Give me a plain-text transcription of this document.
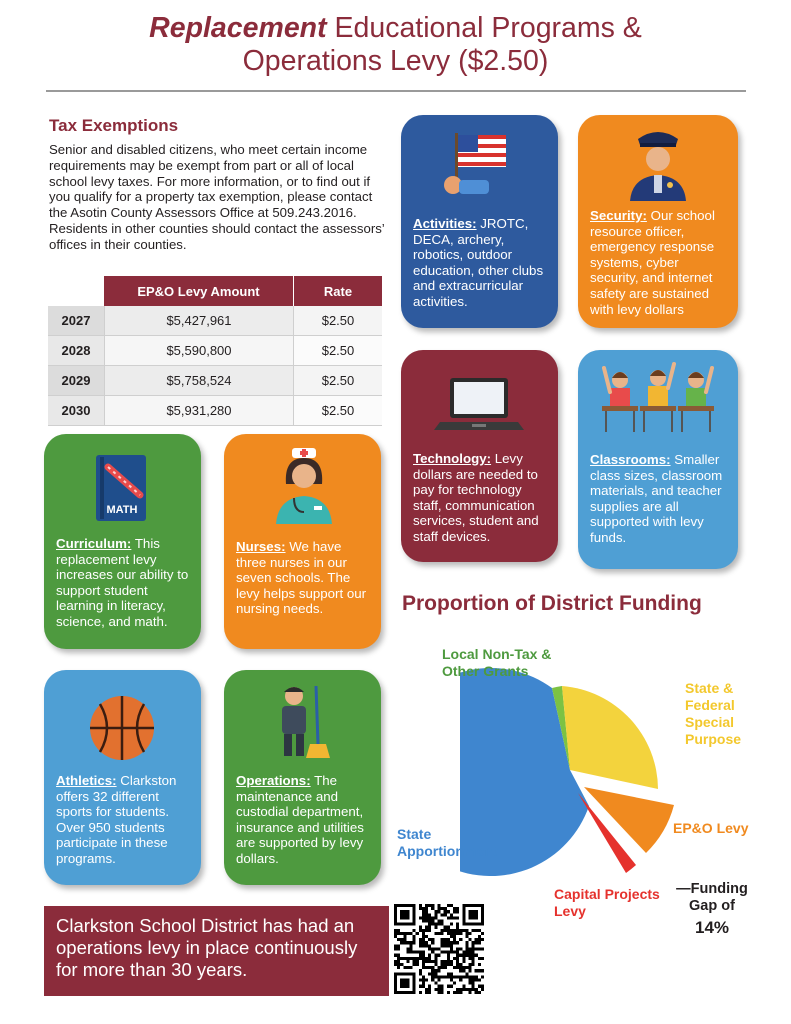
Replacement Educational Programs &
Operations Levy ($2.50)
Tax Exemptions
Senior and disabled citizens, who meet certain income requirements may be exempt from part or all of local school levy taxes. For more information, or to find out if you qualify for a property tax exemption, please contact the Asotin County Assessors Office at 509.243.2016. Residents in other counties should contact the assessors’ offices in their counties.
	EP&O Levy Amount	Rate
2027	$5,427,961	$2.50
2028	$5,590,800	$2.50
2029	$5,758,524	$2.50
2030	$5,931,280	$2.50
Activities: JROTC, DECA, archery, robotics, outdoor education, other clubs and extracurricular activities.
Security: Our school resource officer, emergency response systems, cyber security, and internet safety are sustained with levy dollars
Technology: Levy dollars are needed to pay for technology staff, communication services, student and staff devices.
Classrooms: Smaller class sizes, classroom materials, and teacher supplies are all supported with levy funds.
MATH
Curriculum: This replacement levy increases our ability to support student learning in literacy, science, and math.
Nurses: We have three nurses in our seven schools. The levy helps support our nursing needs.
Athletics: Clarkston offers 32 different sports for students. Over 950 students participate in these programs.
Operations: The maintenance and custodial department, insurance and utilities are supported by levy dollars.
Proportion of District Funding
Local Non-Tax & Other Grants
State & Federal Special Purpose
EP&O Levy
Capital Projects Levy
State Apportionment
—Funding
Gap of
14%
Clarkston School District has had an operations levy in place continuously for more than 30 years.
